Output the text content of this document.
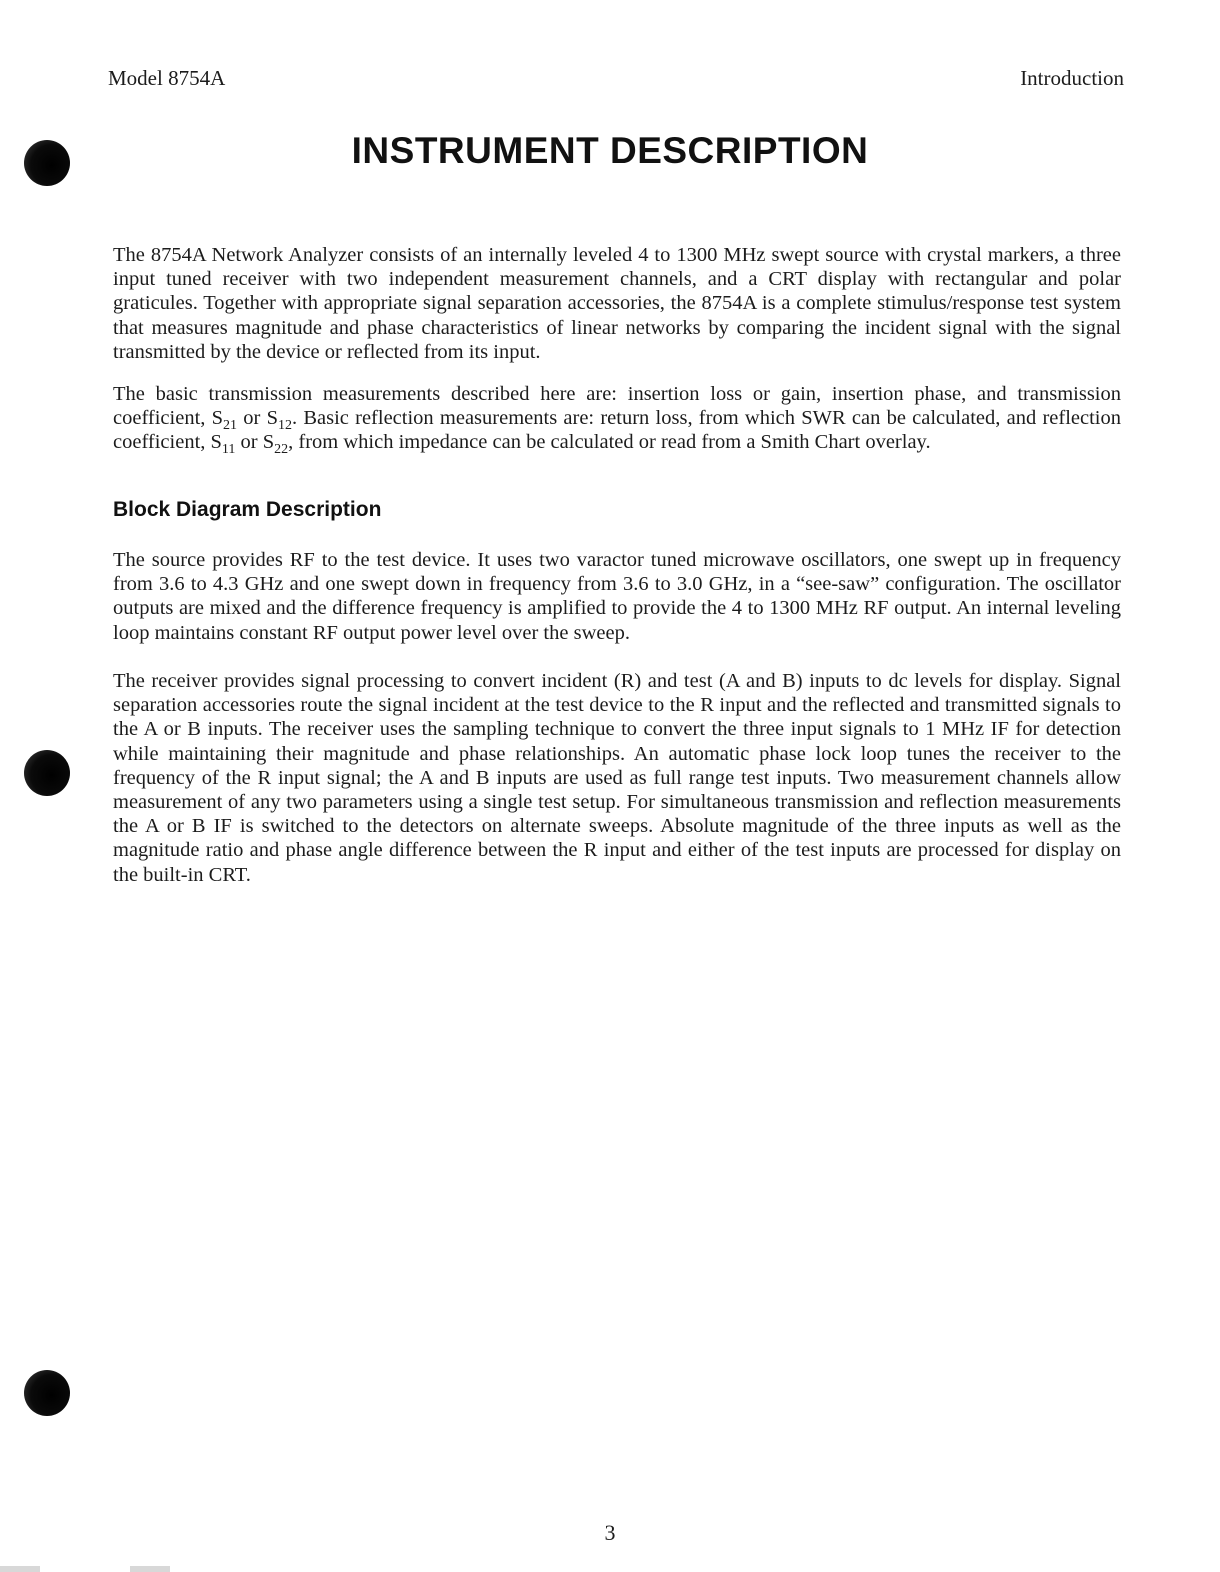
Model 8754A	Introduction
INSTRUMENT DESCRIPTION

The 8754A Network Analyzer consists of an internally leveled 4 to 1300 MHz swept source with crystal markers, a three input tuned receiver with two independent measurement channels, and a CRT display with rectangular and polar graticules. Together with appropriate signal separation accessories, the 8754A is a complete stimulus/response test system that measures magnitude and phase characteristics of linear networks by comparing the incident signal with the signal transmitted by the device or reflected from its input.

The basic transmission measurements described here are: insertion loss or gain, insertion phase, and transmission coefficient, $S_{21}$ or $S_{12}$. Basic reflection measurements are: return loss, from which SWR can be calculated, and reflection coefficient, $S_{11}$ or $S_{22}$, from which impedance can be calculated or read from a Smith Chart overlay.

Block Diagram Description

The source provides RF to the test device. It uses two varactor tuned microwave oscillators, one swept up in frequency from 3.6 to 4.3 GHz and one swept down in frequency from 3.6 to 3.0 GHz, in a “see-saw” configuration. The oscillator outputs are mixed and the difference frequency is amplified to provide the 4 to 1300 MHz RF output. An internal leveling loop maintains constant RF output power level over the sweep.

The receiver provides signal processing to convert incident (R) and test (A and B) inputs to dc levels for display. Signal separation accessories route the signal incident at the test device to the R input and the reflected and transmitted signals to the A or B inputs. The receiver uses the sampling technique to convert the three input signals to 1 MHz IF for detection while maintaining their magnitude and phase relationships. An automatic phase lock loop tunes the receiver to the frequency of the R input signal; the A and B inputs are used as full range test inputs. Two measurement channels allow measurement of any two parameters using a single test setup. For simultaneous transmission and reflection measurements the A or B IF is switched to the detectors on alternate sweeps. Absolute magnitude of the three inputs as well as the magnitude ratio and phase angle difference between the R input and either of the test inputs are processed for display on the built-in CRT.

3
